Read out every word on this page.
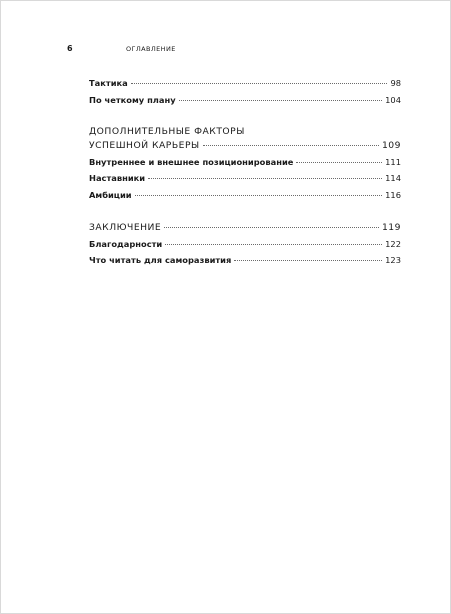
6	ОГЛАВЛЕНИЕ
Тактика	98
По четкому плану	104
ДОПОЛНИТЕЛЬНЫЕ ФАКТОРЫ
УСПЕШНОЙ КАРЬЕРЫ	109
Внутреннее и внешнее позиционирование	111
Наставники	114
Амбиции	116
ЗАКЛЮЧЕНИЕ	119
Благодарности	122
Что читать для саморазвития	123
